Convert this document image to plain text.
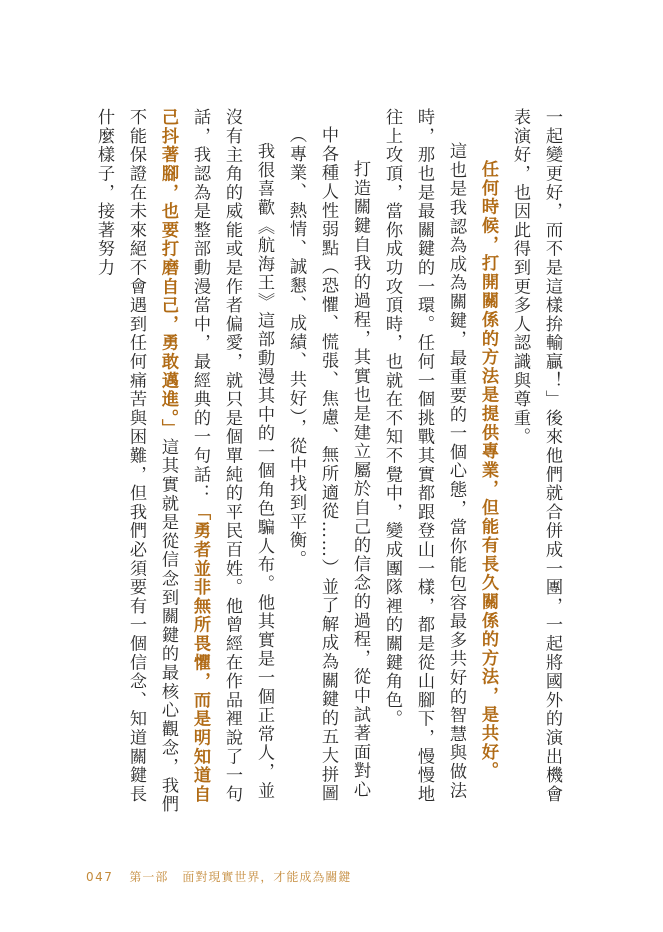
一起變更好，而不是這樣拚輸贏！」後來他們就合併成一團，一起將國外的演出機會表演好，也因此得到更多人認識與尊重。

任何時候，打開關係的方法是提供專業，但能有長久關係的方法，是共好。

這也是我認為成為關鍵，最重要的一個心態，當你能包容最多共好的智慧與做法時，那也是最關鍵的一環。任何一個挑戰其實都跟登山一樣，都是從山腳下，慢慢地往上攻頂，當你成功攻頂時，也就在不知不覺中，變成團隊裡的關鍵角色。

打造關鍵自我的過程，其實也是建立屬於自己的信念的過程，從中試著面對心中各種人性弱點（恐懼、慌張、焦慮、無所適從……）並了解成為關鍵的五大拼圖（專業、熱情、誠懇、成績、共好），從中找到平衡。

我很喜歡《航海王》這部動漫其中的一個角色騙人布。他其實是一個正常人，並沒有主角的威能或是作者偏愛，就只是個單純的平民百姓。他曾經在作品裡說了一句話，我認為是整部動漫當中，最經典的一句話：「勇者並非無所畏懼，而是明知道自己抖著腳，也要打磨自己，勇敢邁進。」這其實就是從信念到關鍵的最核心觀念，我們不能保證在未來絕不會遇到任何痛苦與困難，但我們必須要有一個信念、知道關鍵長什麼樣子，接著努力

047 第一部 面對現實世界，才能成為關鍵
